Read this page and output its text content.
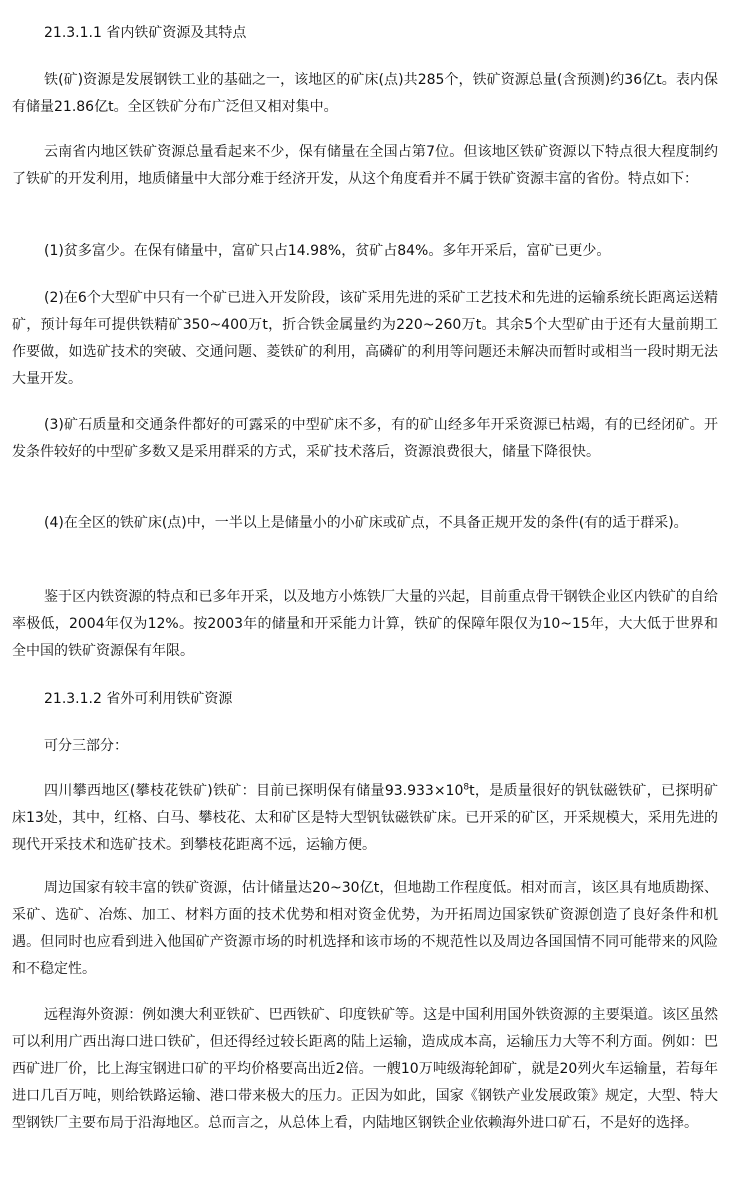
21.3.1.1 省内铁矿资源及其特点

铁(矿)资源是发展钢铁工业的基础之一，该地区的矿床(点)共285个，铁矿资源总量(含预测)约36亿t。表内保有储量21.86亿t。全区铁矿分布广泛但又相对集中。

云南省内地区铁矿资源总量看起来不少，保有储量在全国占第7位。但该地区铁矿资源以下特点很大程度制约了铁矿的开发利用，地质储量中大部分难于经济开发，从这个角度看并不属于铁矿资源丰富的省份。特点如下：

(1)贫多富少。在保有储量中，富矿只占14.98%，贫矿占84%。多年开采后，富矿已更少。

(2)在6个大型矿中只有一个矿已进入开发阶段，该矿采用先进的采矿工艺技术和先进的运输系统长距离运送精矿，预计每年可提供铁精矿350~400万t，折合铁金属量约为220~260万t。其余5个大型矿由于还有大量前期工作要做，如选矿技术的突破、交通问题、菱铁矿的利用，高磷矿的利用等问题还未解决而暂时或相当一段时期无法大量开发。

(3)矿石质量和交通条件都好的可露采的中型矿床不多，有的矿山经多年开采资源已枯竭，有的已经闭矿。开发条件较好的中型矿多数又是采用群采的方式，采矿技术落后，资源浪费很大，储量下降很快。

(4)在全区的铁矿床(点)中，一半以上是储量小的小矿床或矿点，不具备正规开发的条件(有的适于群采)。

鉴于区内铁资源的特点和已多年开采，以及地方小炼铁厂大量的兴起，目前重点骨干钢铁企业区内铁矿的自给率极低，2004年仅为12%。按2003年的储量和开采能力计算，铁矿的保障年限仅为10~15年，大大低于世界和全中国的铁矿资源保有年限。

21.3.1.2 省外可利用铁矿资源

可分三部分：

四川攀西地区(攀枝花铁矿)铁矿：目前已探明保有储量$93.933\times 10^8t$，是质量很好的钒钛磁铁矿，已探明矿床13处，其中，红格、白马、攀枝花、太和矿区是特大型钒钛磁铁矿床。已开采的矿区，开采规模大，采用先进的现代开采技术和选矿技术。到攀枝花距离不远，运输方便。

周边国家有较丰富的铁矿资源，估计储量达20~30亿t，但地勘工作程度低。相对而言，该区具有地质勘探、采矿、选矿、冶炼、加工、材料方面的技术优势和相对资金优势，为开拓周边国家铁矿资源创造了良好条件和机遇。但同时也应看到进入他国矿产资源市场的时机选择和该市场的不规范性以及周边各国国情不同可能带来的风险和不稳定性。

远程海外资源：例如澳大利亚铁矿、巴西铁矿、印度铁矿等。这是中国利用国外铁资源的主要渠道。该区虽然可以利用广西出海口进口铁矿，但还得经过较长距离的陆上运输，造成成本高，运输压力大等不利方面。例如：巴西矿进厂价，比上海宝钢进口矿的平均价格要高出近2倍。一艘10万吨级海轮卸矿，就是20列火车运输量，若每年进口几百万吨，则给铁路运输、港口带来极大的压力。正因为如此，国家《钢铁产业发展政策》规定，大型、特大型钢铁厂主要布局于沿海地区。总而言之，从总体上看，内陆地区钢铁企业依赖海外进口矿石，不是好的选择。
